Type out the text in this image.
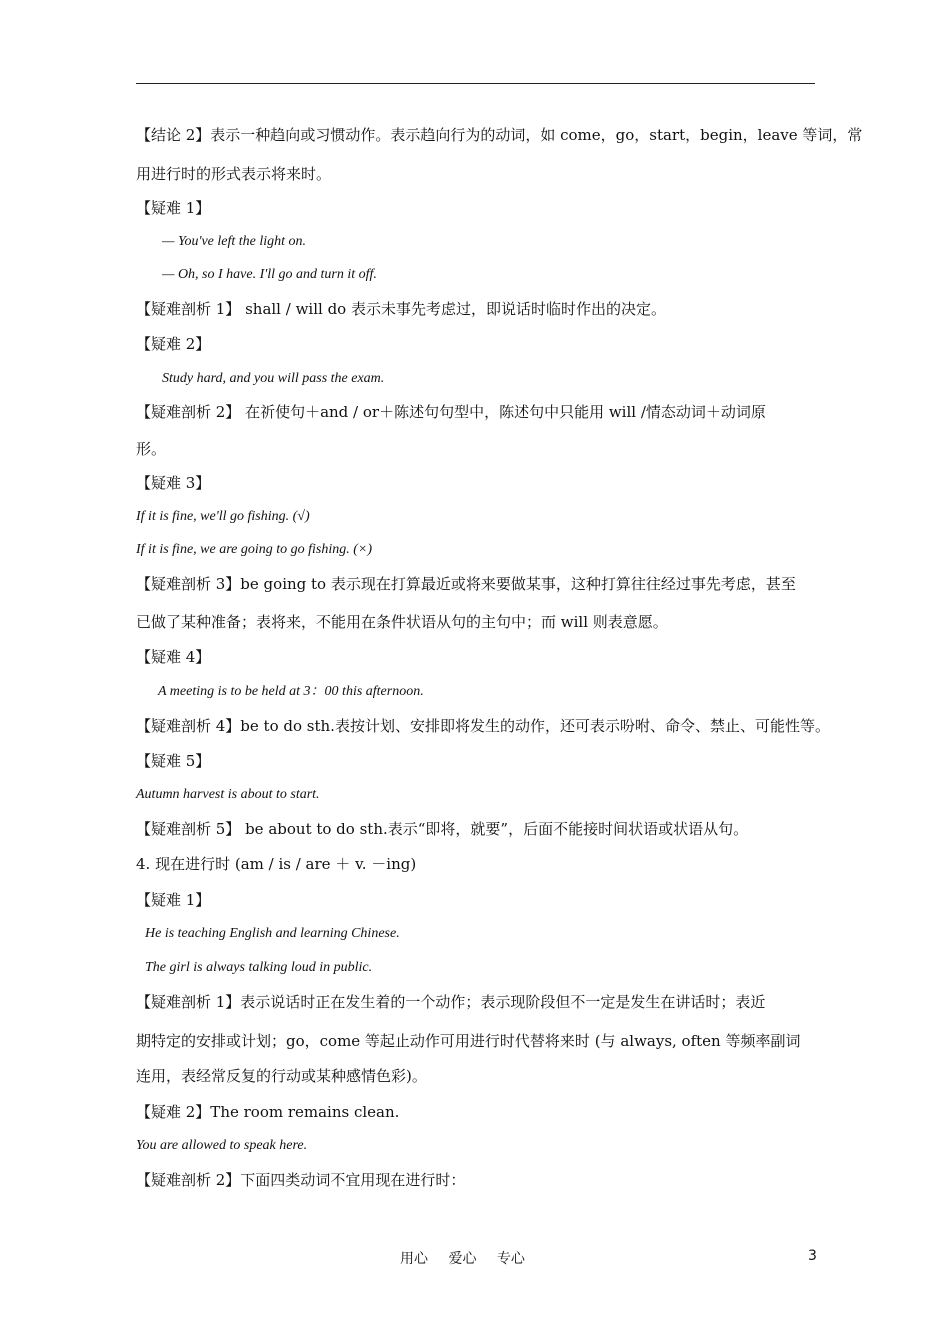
【结论 2】表示一种趋向或习惯动作。表示趋向行为的动词，如 come，go，start，begin，leave 等词，常
用进行时的形式表示将来时。
【疑难 1】
— You've left the light on.
— Oh, so I have. I'll go and turn it off.
【疑难剖析 1】 shall / will do 表示未事先考虑过，即说话时临时作出的决定。
【疑难 2】
Study hard, and you will pass the exam.
【疑难剖析 2】 在祈使句＋and / or＋陈述句句型中，陈述句中只能用 will /情态动词＋动词原
形。
【疑难 3】
If it is fine, we'll go fishing. (√)
If it is fine, we are going to go fishing. (×)
【疑难剖析 3】be going to 表示现在打算最近或将来要做某事，这种打算往往经过事先考虑，甚至
已做了某种准备；表将来，不能用在条件状语从句的主句中；而 will 则表意愿。
【疑难 4】
A meeting is to be held at 3：00 this afternoon.
【疑难剖析 4】be to do sth.表按计划、安排即将发生的动作，还可表示吩咐、命令、禁止、可能性等。
【疑难 5】
Autumn harvest is about to start.
【疑难剖析 5】 be about to do sth.表示“即将，就要”，后面不能接时间状语或状语从句。
4. 现在进行时 (am / is / are ＋ v. －ing)
【疑难 1】
He is teaching English and learning Chinese.
The girl is always talking loud in public.
【疑难剖析 1】表示说话时正在发生着的一个动作；表示现阶段但不一定是发生在讲话时；表近
期特定的安排或计划；go，come 等起止动作可用进行时代替将来时 (与 always, often 等频率副词
连用，表经常反复的行动或某种感情色彩)。
【疑难 2】The room remains clean.
You are allowed to speak here.
【疑难剖析 2】下面四类动词不宜用现在进行时：
用心 爱心 专心	3
